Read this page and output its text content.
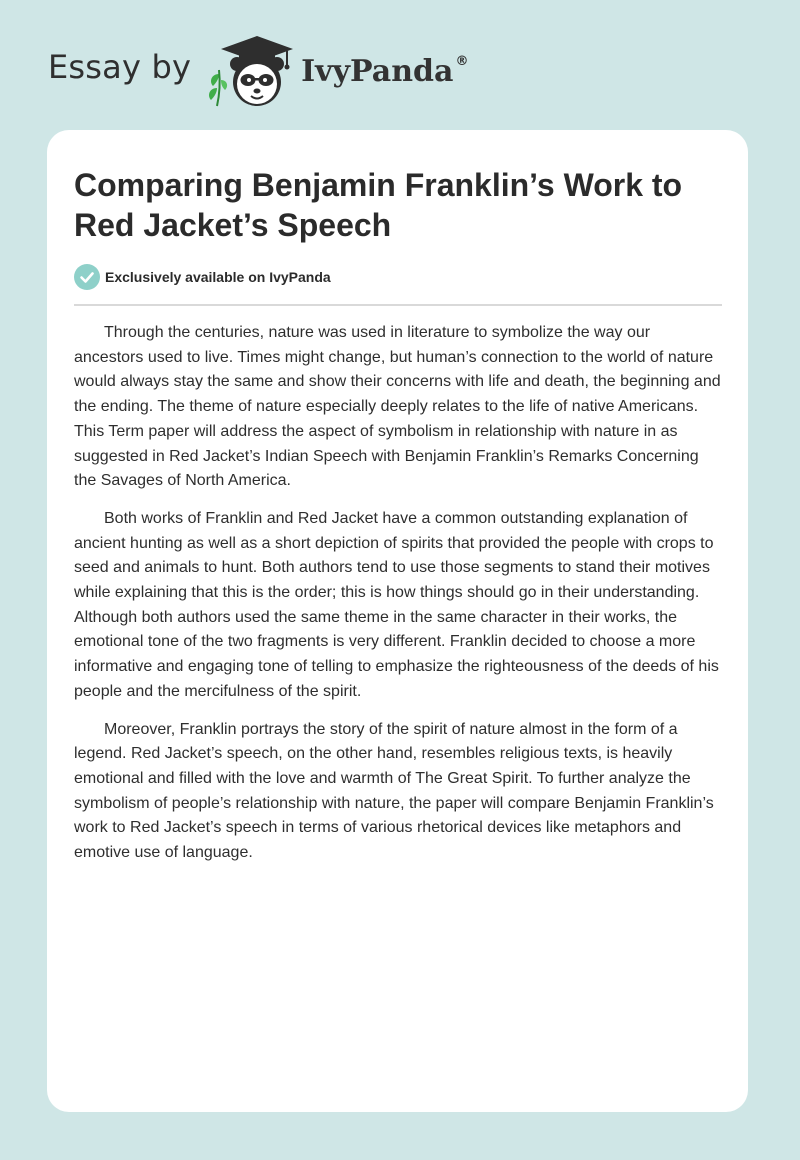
Essay by	IvyPanda ®
Comparing Benjamin Franklin’s Work to Red Jacket’s Speech
Exclusively available on IvyPanda

Through the centuries, nature was used in literature to symbolize the way our ancestors used to live. Times might change, but human’s connection to the world of nature would always stay the same and show their concerns with life and death, the beginning and the ending. The theme of nature especially deeply relates to the life of native Americans. This Term paper will address the aspect of symbolism in relationship with nature in as suggested in Red Jacket’s Indian Speech with Benjamin Franklin’s Remarks Concerning the Savages of North America.

Both works of Franklin and Red Jacket have a common outstanding explanation of ancient hunting as well as a short depiction of spirits that provided the people with crops to seed and animals to hunt. Both authors tend to use those segments to stand their motives while explaining that this is the order; this is how things should go in their understanding. Although both authors used the same theme in the same character in their works, the emotional tone of the two fragments is very different. Franklin decided to choose a more informative and engaging tone of telling to emphasize the righteousness of the deeds of his people and the mercifulness of the spirit.

Moreover, Franklin portrays the story of the spirit of nature almost in the form of a legend. Red Jacket’s speech, on the other hand, resembles religious texts, is heavily emotional and filled with the love and warmth of The Great Spirit. To further analyze the symbolism of people’s relationship with nature, the paper will compare Benjamin Franklin’s work to Red Jacket’s speech in terms of various rhetorical devices like metaphors and emotive use of language.
